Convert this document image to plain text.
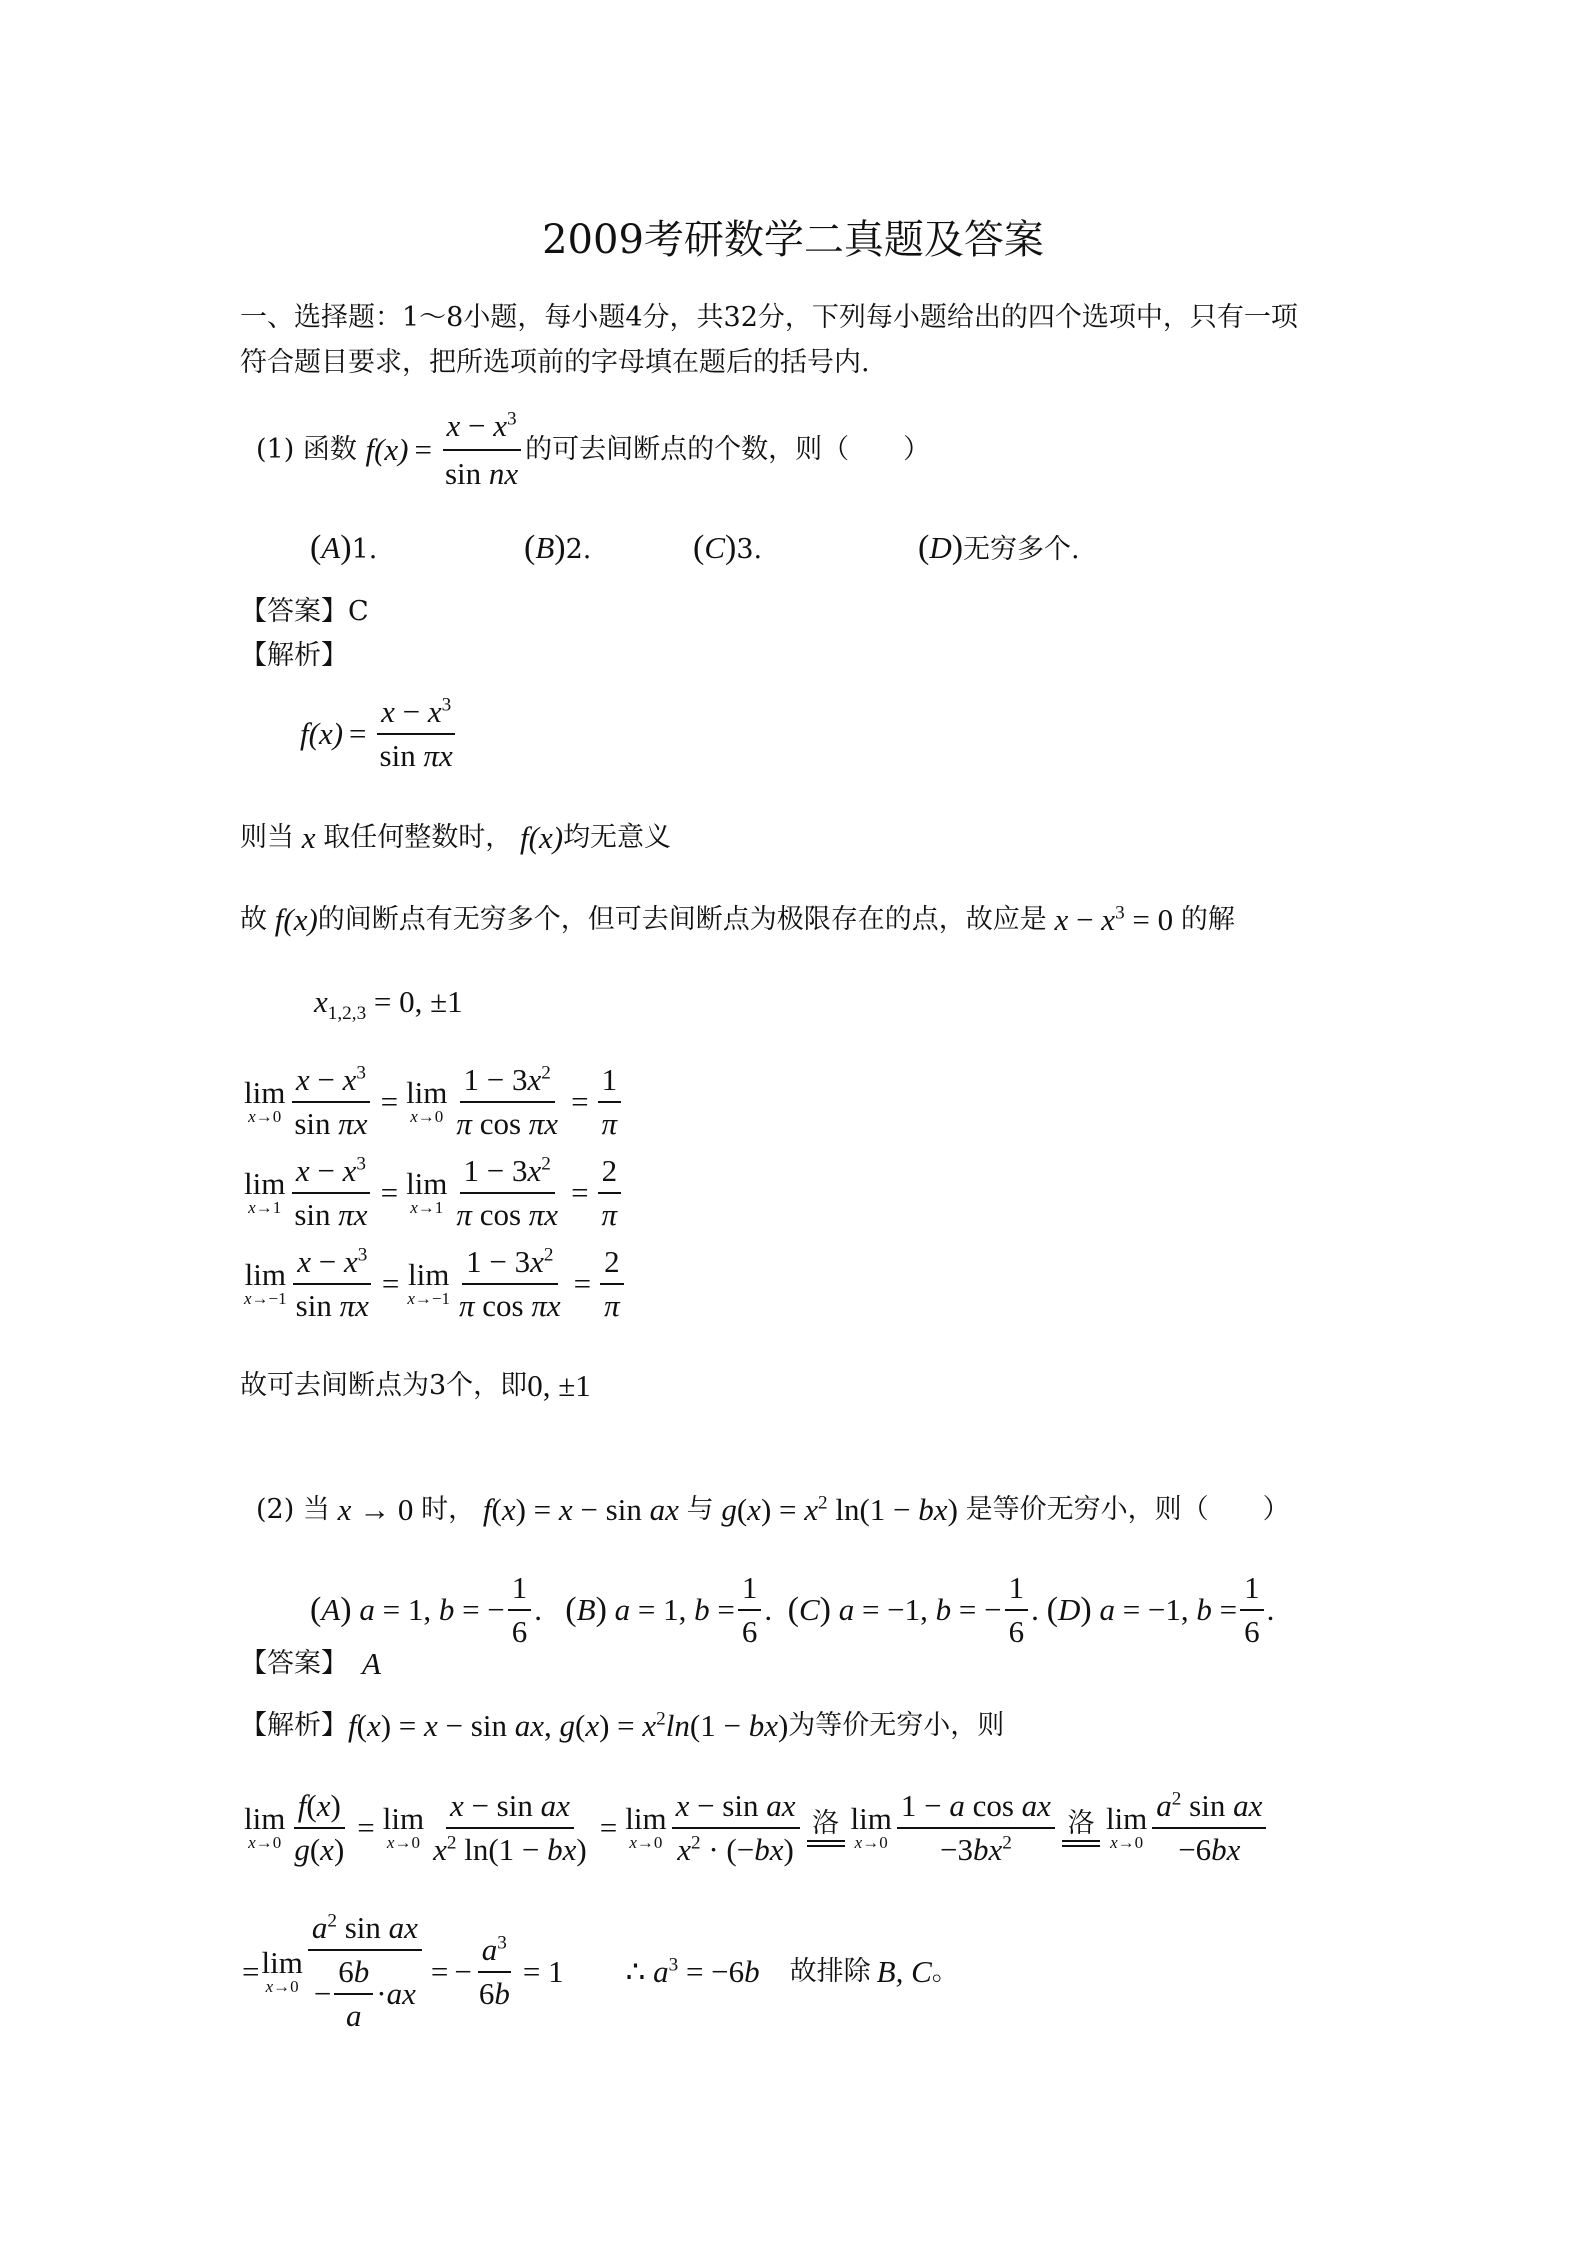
2009考研数学二真题及答案
一、选择题：1～8小题，每小题4分，共32分，下列每小题给出的四个选项中，只有一项
符合题目要求，把所选项前的字母填在题后的括号内.
(1)
函数
$f(x) = \frac{x - x^3}{\text{sin nx}}$ 的可去间断点的个数，则（　　）
(A)1.	(B)2.	(C)3.	(D)无穷多个.
【答案】C
【解析】
$f(x) = \frac{x - x^3}{\text{sin πx}}$
则当 x 取任何整数时， f(x) 均无意义
故 f(x) 的间断点有无穷多个，但可去间断点为极限存在的点，故应是 $x - x^3 = 0$ 的解
$x_{1,2,3} = 0$, ±1
lim
$x\to 0 \frac{x - x^3}{\text{sin πx}} = \lim$
$x\to 0 \frac{1 - 3x^2}{\text{π cos πx}} = \frac{1}{\pi}$
lim
$x\to 1 \frac{x - x^3}{\text{sin πx}} = \lim$
$x\to 1 \frac{1 - 3x^2}{\text{π cos πx}} = \frac{2}{\pi}$
lim
$x\to-1 \frac{x - x^3}{\text{sin πx}} = \lim$
$x\to-1 \frac{1 - 3x^2}{\text{π cos πx}} = \frac{2}{\pi}$
故可去间断点为3个，即 0, ±1
(2)
当 x → 0 时， f(x) = x − sin ax 与 $g(x) = x^2$ ln(1 − bx) 是等价无穷小，则（　　）
(A) a = 1, b = − $\frac{1}{6}$ . (B) a = 1, $b = \frac{1}{6}$ . (C) a = −1, b = − $\frac{1}{6}$ . (D) a = −1, $b = \frac{1}{6}$ .
【答案】 A
【解析】 f(x) = x − sin ax, $g(x) = x^2\ln(1 - bx)$ 为等价无穷小，则
lim
$x\to 0 \frac{f(x)}{g(x)} = \lim$
$x\to 0 \frac{\text{x − sin ax}}{x^2 \ln(1 - bx)} = \lim$
$x\to 0 \frac{\text{x − sin ax}}{x^2 \cdot (-bx)}$ 洛 lim
$x\to 0 \frac{\text{1 − a cos ax}}{-3bx^2}$ 洛 lim
$x\to 0 \frac{a^2 \sin ax}{-6bx}$
= lim
$x\to 0 \frac{a^2 \sin ax}{- \frac{6b}{a} \cdot ax}$ = − $\frac{a^3}{6b} = 1$ ∴ $a^3 = -6b$ 故排除 B, C 。
